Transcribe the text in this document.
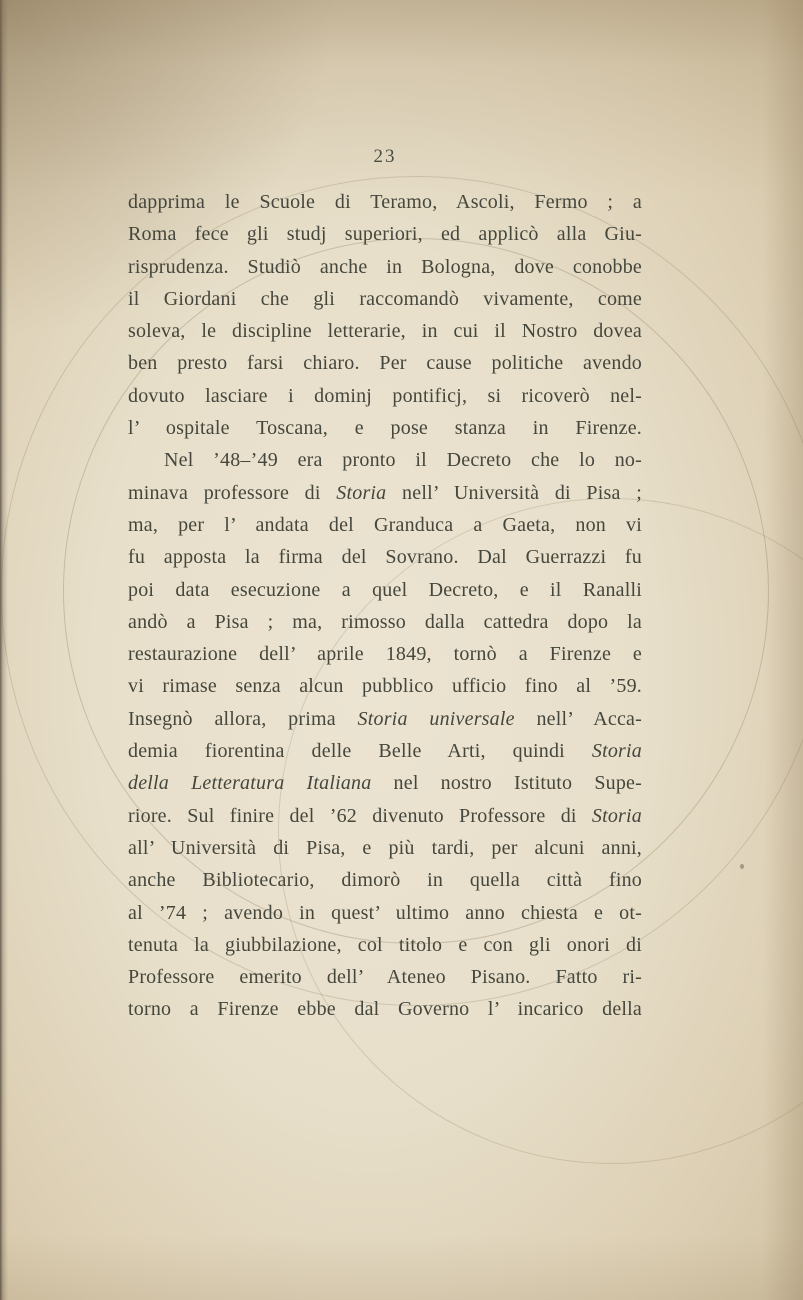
23
dapprima le Scuole di Teramo, Ascoli, Fermo ; a
Roma fece gli studj superiori, ed applicò alla Giu-
risprudenza. Studiò anche in Bologna, dove conobbe
il Giordani che gli raccomandò vivamente, come
soleva, le discipline letterarie, in cui il Nostro dovea
ben presto farsi chiaro. Per cause politiche avendo
dovuto lasciare i dominj pontificj, si ricoverò nel-
l’ ospitale Toscana, e pose stanza in Firenze.
Nel ’48–’49 era pronto il Decreto che lo no-
minava professore di Storia nell’ Università di Pisa ;
ma, per l’ andata del Granduca a Gaeta, non vi
fu apposta la firma del Sovrano. Dal Guerrazzi fu
poi data esecuzione a quel Decreto, e il Ranalli
andò a Pisa ; ma, rimosso dalla cattedra dopo la
restaurazione dell’ aprile 1849, tornò a Firenze e
vi rimase senza alcun pubblico ufficio fino al ’59.
Insegnò allora, prima Storia universale nell’ Acca-
demia fiorentina delle Belle Arti, quindi Storia
della Letteratura Italiana nel nostro Istituto Supe-
riore. Sul finire del ’62 divenuto Professore di Storia
all’ Università di Pisa, e più tardi, per alcuni anni,
anche Bibliotecario, dimorò in quella città fino
al ’74 ; avendo in quest’ ultimo anno chiesta e ot-
tenuta la giubbilazione, col titolo e con gli onori di
Professore emerito dell’ Ateneo Pisano. Fatto ri-
torno a Firenze ebbe dal Governo l’ incarico della
